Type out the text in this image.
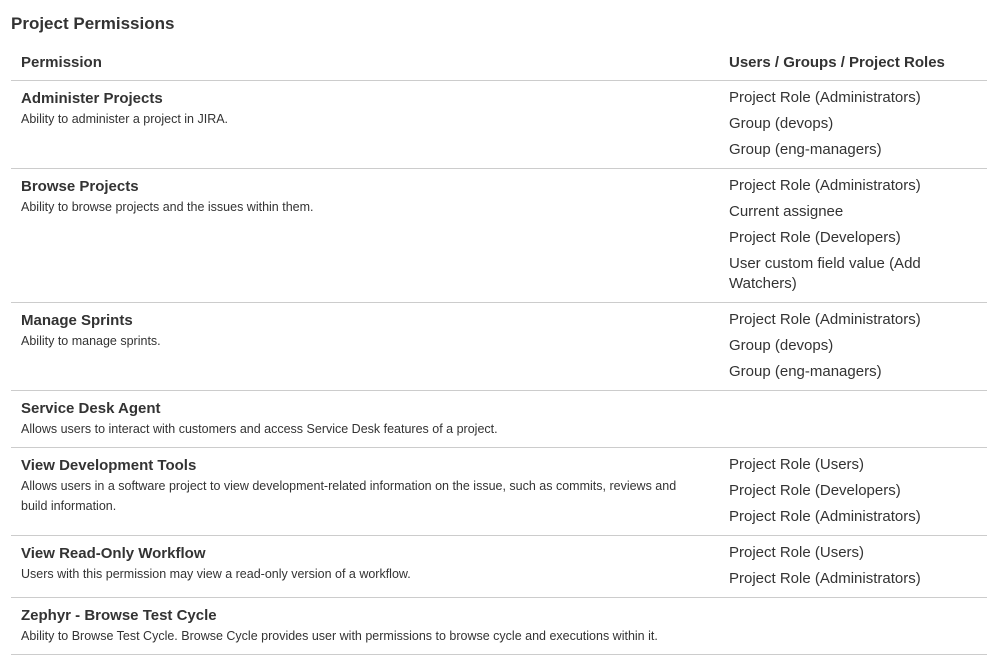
Project Permissions
Permission	Users / Groups / Project Roles
Administer Projects
Ability to administer a project in JIRA.
Project Role (Administrators)
Group (devops)
Group (eng-managers)
Browse Projects
Ability to browse projects and the issues within them.
Project Role (Administrators)
Current assignee
Project Role (Developers)
User custom field value (Add Watchers)
Manage Sprints
Ability to manage sprints.
Project Role (Administrators)
Group (devops)
Group (eng-managers)
Service Desk Agent
Allows users to interact with customers and access Service Desk features of a project.
View Development Tools
Allows users in a software project to view development-related information on the issue, such as commits, reviews and build information.
Project Role (Users)
Project Role (Developers)
Project Role (Administrators)
View Read-Only Workflow
Users with this permission may view a read-only version of a workflow.
Project Role (Users)
Project Role (Administrators)
Zephyr - Browse Test Cycle
Ability to Browse Test Cycle. Browse Cycle provides user with permissions to browse cycle and executions within it.
